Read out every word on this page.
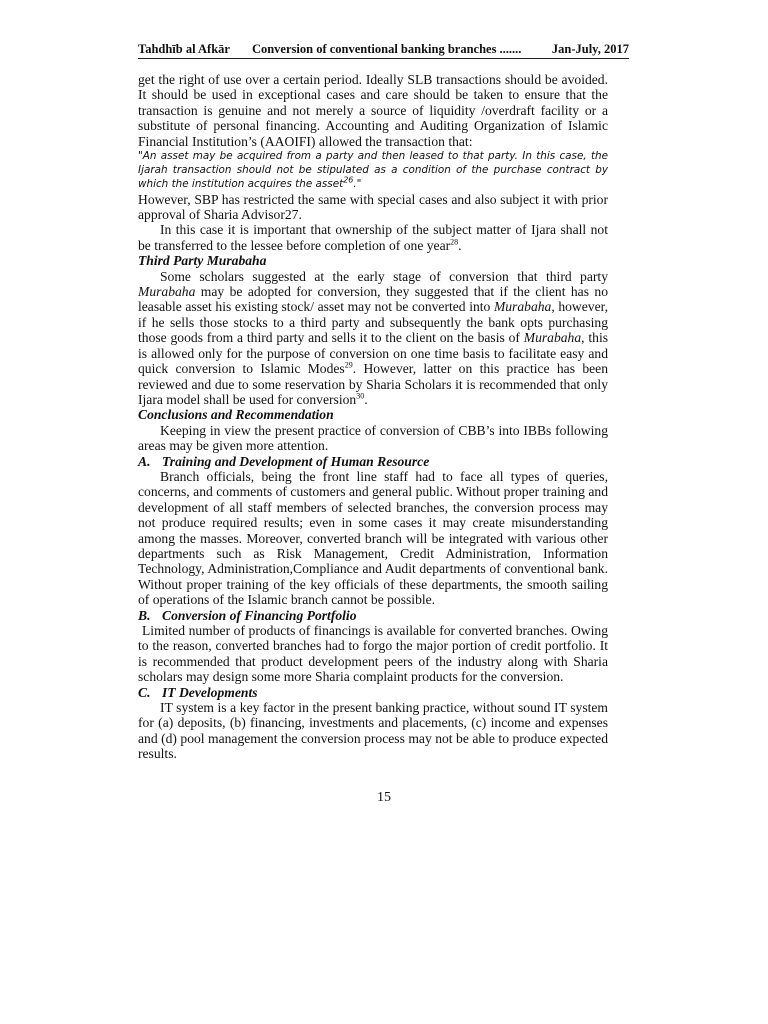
Tahdhīb al Afkār Conversion of conventional banking branches .......	Jan-July, 2017

get the right of use over a certain period. Ideally SLB transactions should be avoided. It should be used in exceptional cases and care should be taken to ensure that the transaction is genuine and not merely a source of liquidity /overdraft facility or a substitute of personal financing. Accounting and Auditing Organization of Islamic Financial Institution’s (AAOIFI) allowed the transaction that:

"An asset may be acquired from a party and then leased to that party. In this case, the Ijarah transaction should not be stipulated as a condition of the purchase contract by which the institution acquires the asset$^{26}$."

However, SBP has restricted the same with special cases and also subject it with prior approval of Sharia Advisor27.

In this case it is important that ownership of the subject matter of Ijara shall not be transferred to the lessee before completion of one year$^{28}$.

Third Party Murabaha

Some scholars suggested at the early stage of conversion that third party Murabaha may be adopted for conversion, they suggested that if the client has no leasable asset his existing stock/ asset may not be converted into Murabaha, however, if he sells those stocks to a third party and subsequently the bank opts purchasing those goods from a third party and sells it to the client on the basis of Murabaha, this is allowed only for the purpose of conversion on one time basis to facilitate easy and quick conversion to Islamic Modes$^{29}$. However, latter on this practice has been reviewed and due to some reservation by Sharia Scholars it is recommended that only Ijara model shall be used for conversion$^{30}$.

Conclusions and Recommendation

Keeping in view the present practice of conversion of CBB’s into IBBs following areas may be given more attention.

A. Training and Development of Human Resource

Branch officials, being the front line staff had to face all types of queries, concerns, and comments of customers and general public. Without proper training and development of all staff members of selected branches, the conversion process may not produce required results; even in some cases it may create misunderstanding among the masses. Moreover, converted branch will be integrated with various other departments such as Risk Management, Credit Administration, Information Technology, Administration,Compliance and Audit departments of conventional bank. Without proper training of the key officials of these departments, the smooth sailing of operations of the Islamic branch cannot be possible.

B. Conversion of Financing Portfolio

Limited number of products of financings is available for converted branches. Owing to the reason, converted branches had to forgo the major portion of credit portfolio. It is recommended that product development peers of the industry along with Sharia scholars may design some more Sharia complaint products for the conversion.

C. IT Developments

IT system is a key factor in the present banking practice, without sound IT system for (a) deposits, (b) financing, investments and placements, (c) income and expenses and (d) pool management the conversion process may not be able to produce expected results.

15
